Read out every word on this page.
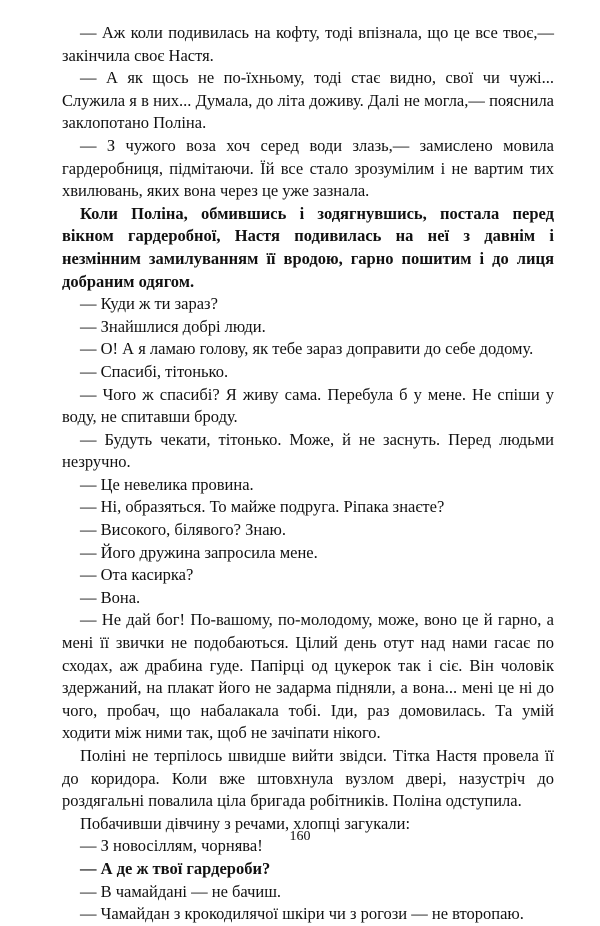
— Аж коли подивилась на кофту, тоді впізнала, що це все твоє,— закінчила своє Настя.

— А як щось не по-їхньому, тоді стає видно, свої чи чужі... Служила я в них... Думала, до літа доживу. Далі не могла,— пояснила заклопотано Поліна.

— З чужого воза хоч серед води злазь,— замислено мовила гардеробниця, підмітаючи. Їй все стало зрозумілим і не вартим тих хвилювань, яких вона через це уже зазнала.

Коли Поліна, обмившись і зодягнувшись, постала перед вікном гардеробної, Настя подивилась на неї з давнім і незмінним замилуванням її вродою, гарно пошитим і до лиця добраним одягом.

— Куди ж ти зараз?

— Знайшлися добрі люди.

— О! А я ламаю голову, як тебе зараз доправити до себе додому.

— Спасибі, тітонько.

— Чого ж спасибі? Я живу сама. Перебула б у мене. Не спіши у воду, не спитавши броду.

— Будуть чекати, тітонько. Може, й не заснуть. Перед людьми незручно.

— Це невелика провина.

— Ні, образяться. То майже подруга. Ріпака знаєте?

— Високого, білявого? Знаю.

— Його дружина запросила мене.

— Ота касирка?

— Вона.

— Не дай бог! По-вашому, по-молодому, може, воно це й гарно, а мені її звички не подобаються. Цілий день отут над нами гасає по сходах, аж драбина гуде. Папірці од цукерок так і сіє. Він чоловік здержаний, на плакат його не задарма підняли, а вона... мені це ні до чого, пробач, що набалакала тобі. Іди, раз домовилась. Та умій ходити між ними так, щоб не зачіпати нікого.

Поліні не терпілось швидше вийти звідси. Тітка Настя провела її до коридора. Коли вже штовхнула вузлом двері, назустріч до роздягальні повалила ціла бригада робітників. Поліна одступила.

Побачивши дівчину з речами, хлопці загукали:

— З новосіллям, чорнява!

— А де ж твої гардероби?

— В чамайдані — не бачиш.

— Чамайдан з крокодилячої шкіри чи з рогози — не второпаю.

160
